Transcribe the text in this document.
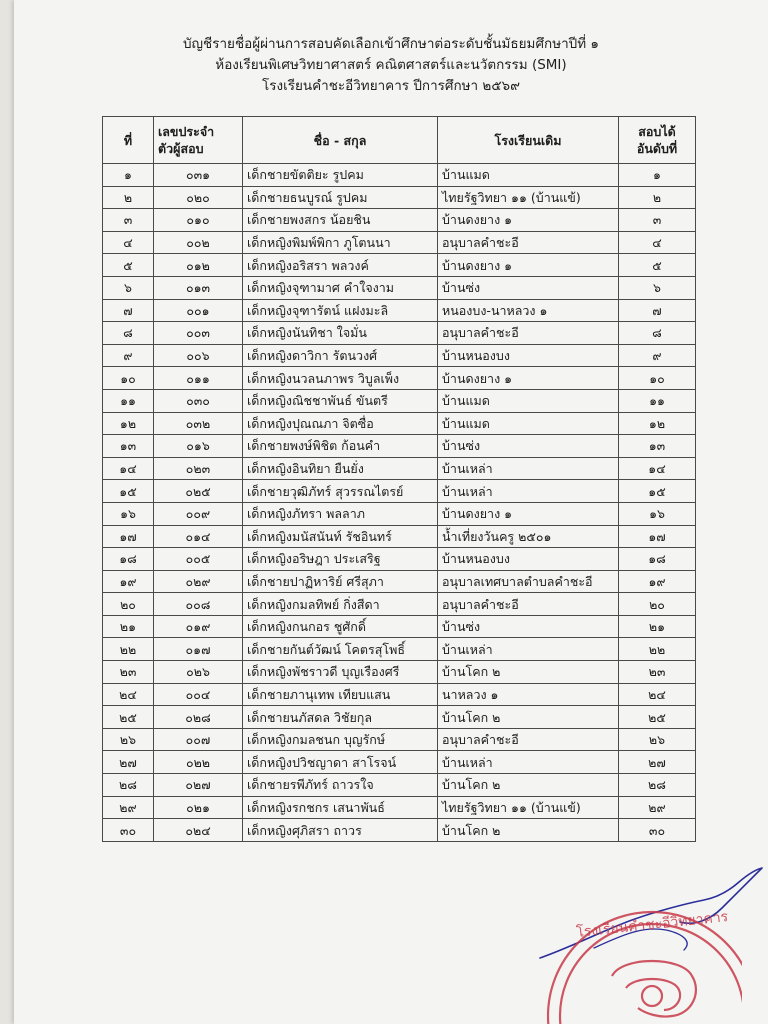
บัญชีรายชื่อผู้ผ่านการสอบคัดเลือกเข้าศึกษาต่อระดับชั้นมัธยมศึกษาปีที่ ๑
ห้องเรียนพิเศษวิทยาศาสตร์ คณิตศาสตร์และนวัตกรรม (SMI)
โรงเรียนคำชะอีวิทยาคาร ปีการศึกษา ๒๕๖๙
ที่	เลขประจำตัวผู้สอบ	ชื่อ - สกุล	โรงเรียนเดิม	สอบได้อันดับที่

๑	๐๓๑	เด็กชายขัตติยะ รูปคม	บ้านแมด	๑
๒	๐๒๐	เด็กชายธนบูรณ์ รูปคม	ไทยรัฐวิทยา ๑๑ (บ้านแข้)	๒
๓	๐๑๐	เด็กชายพงสกร น้อยชิน	บ้านดงยาง ๑	๓
๔	๐๐๒	เด็กหญิงพิมพ์พิกา ภูโตนนา	อนุบาลคำชะอี	๔
๕	๐๑๒	เด็กหญิงอริสรา พลวงค์	บ้านดงยาง ๑	๕
๖	๐๑๓	เด็กหญิงจุฑามาศ คำใจงาม	บ้านซ่ง	๖
๗	๐๐๑	เด็กหญิงจุฑารัตน์ แฝงมะลิ	หนองบง-นาหลวง ๑	๗
๘	๐๐๓	เด็กหญิงนันทิชา ใจมั่น	อนุบาลคำชะอี	๘
๙	๐๐๖	เด็กหญิงดาวิกา รัตนวงศ์	บ้านหนองบง	๙
๑๐	๐๑๑	เด็กหญิงนวลนภาพร วิบูลเพ็ง	บ้านดงยาง ๑	๑๐
๑๑	๐๓๐	เด็กหญิงณิชชาพันธ์ ขันตรี	บ้านแมด	๑๑
๑๒	๐๓๒	เด็กหญิงปุณณภา จิตซื่อ	บ้านแมด	๑๒
๑๓	๐๑๖	เด็กชายพงษ์พิชิต ก้อนคำ	บ้านซ่ง	๑๓
๑๔	๐๒๓	เด็กหญิงอินทิยา ยืนยั่ง	บ้านเหล่า	๑๔
๑๕	๐๒๕	เด็กชายวุฒิภัทร์ สุวรรณไตรย์	บ้านเหล่า	๑๕
๑๖	๐๐๙	เด็กหญิงภัทรา พลลาภ	บ้านดงยาง ๑	๑๖
๑๗	๐๑๔	เด็กหญิงมนัสนันท์ รัชอินทร์	น้ำเที่ยงวันครู ๒๕๐๑	๑๗
๑๘	๐๐๕	เด็กหญิงอริษฎา ประเสริฐ	บ้านหนองบง	๑๘
๑๙	๐๒๙	เด็กชายปาฏิหาริย์ ศรีสุภา	อนุบาลเทศบาลตำบลคำชะอี	๑๙
๒๐	๐๐๘	เด็กหญิงกมลทิพย์ กิ่งสีดา	อนุบาลคำชะอี	๒๐
๒๑	๐๑๙	เด็กหญิงกนกอร ชูศักดิ์	บ้านซ่ง	๒๑
๒๒	๐๑๗	เด็กชายกันต์วัฒน์ โคตรสุโพธิ์	บ้านเหล่า	๒๒
๒๓	๐๒๖	เด็กหญิงพัชราวดี บุญเรืองศรี	บ้านโคก ๒	๒๓
๒๔	๐๐๔	เด็กชายภานุเทพ เทียบแสน	นาหลวง ๑	๒๔
๒๕	๐๒๘	เด็กชายนภัสดล วิชัยกุล	บ้านโคก ๒	๒๕
๒๖	๐๐๗	เด็กหญิงกมลชนก บุญรักษ์	อนุบาลคำชะอี	๒๖
๒๗	๐๒๒	เด็กหญิงปวิชญาดา สาโรจน์	บ้านเหล่า	๒๗
๒๘	๐๒๗	เด็กชายรพีภัทร์ ถาวรใจ	บ้านโคก ๒	๒๘
๒๙	๐๒๑	เด็กหญิงรกชกร เสนาพันธ์	ไทยรัฐวิทยา ๑๑ (บ้านแข้)	๒๙
๓๐	๐๒๔	เด็กหญิงศุภิสรา ถาวร	บ้านโคก ๒	๓๐
โรงเรียนคำชะอีวิทยาคาร
